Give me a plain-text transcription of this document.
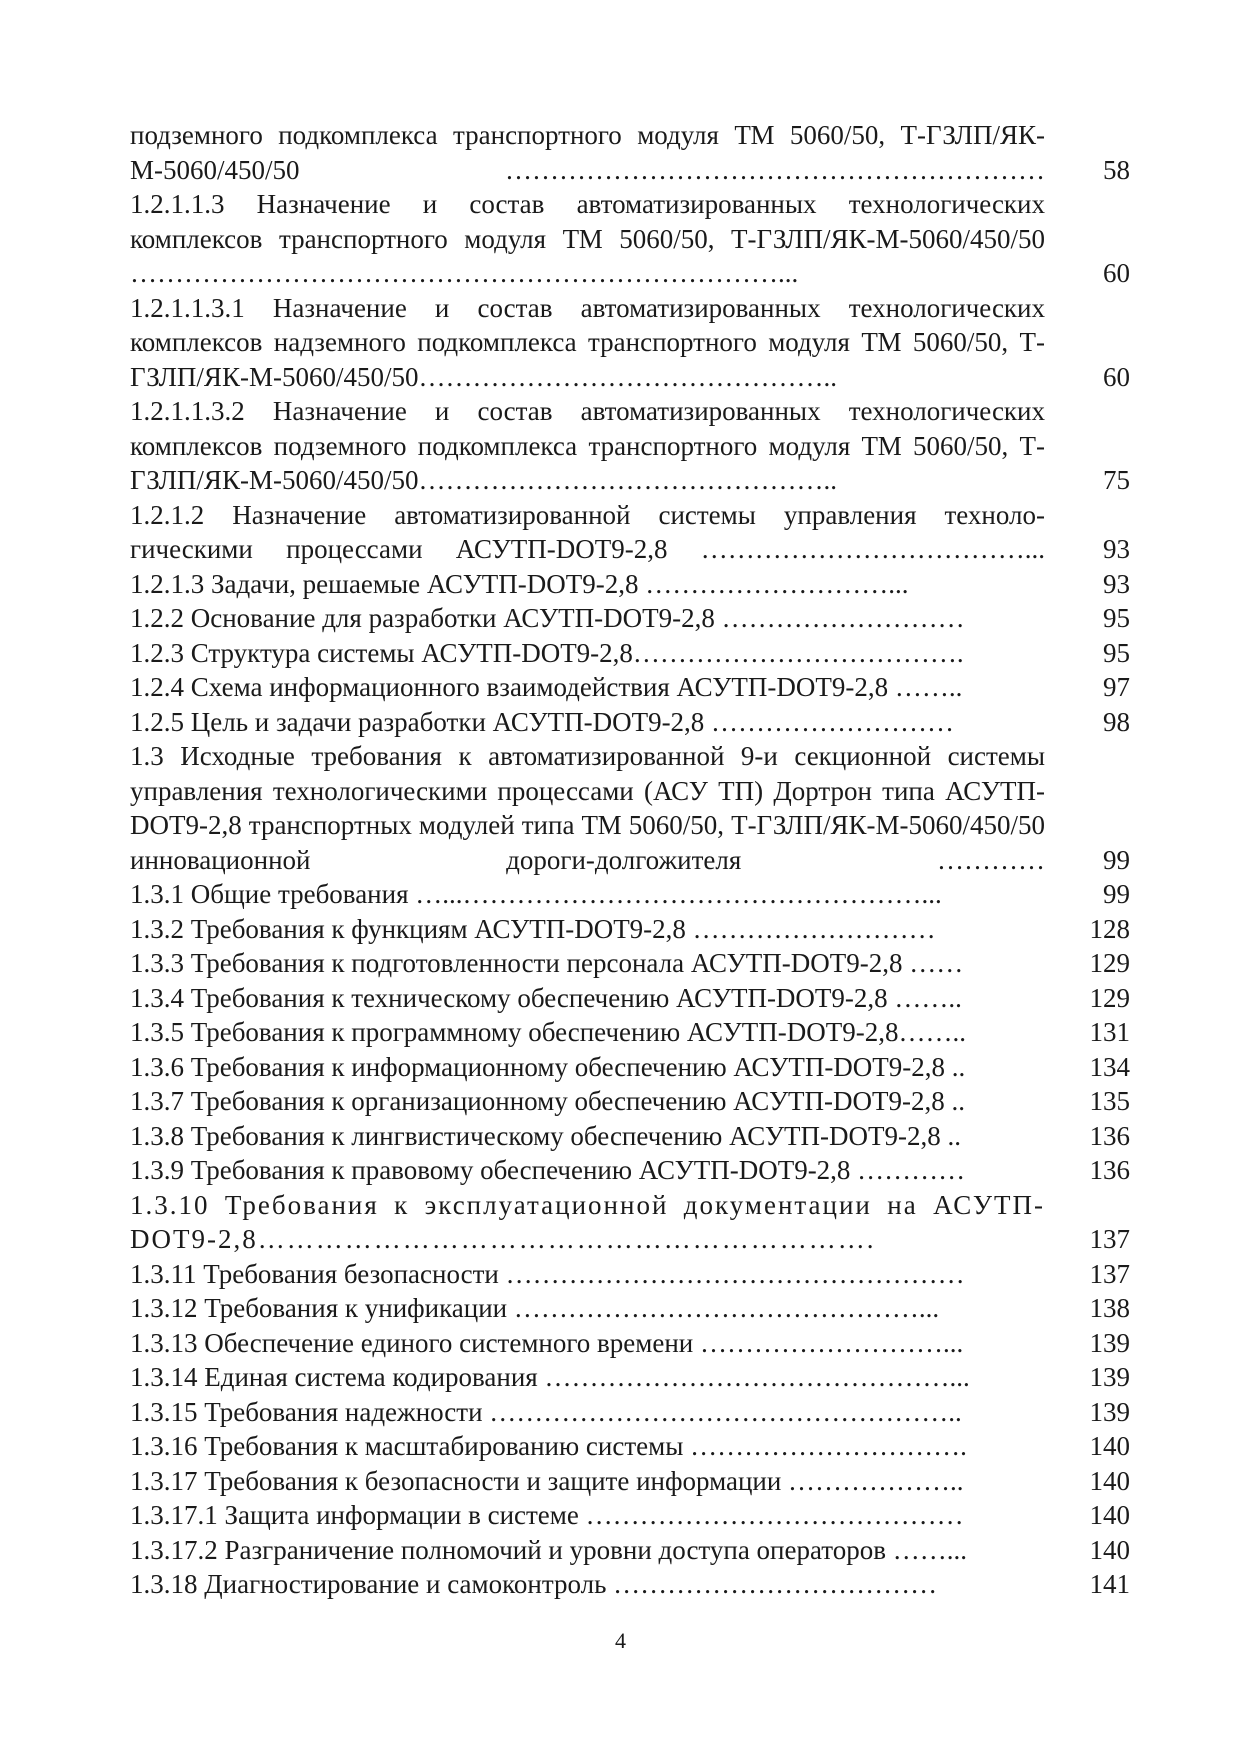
подземного подкомплекса транспортного модуля ТМ 5060/50, Т-ГЗЛП/ЯК-М-5060/450/50 ……………………………………………………	58
1.2.1.1.3 Назначение и состав автоматизированных технологических комплексов транспортного модуля ТМ 5060/50, Т-ГЗЛП/ЯК-М-5060/450/50 ………………………………………………………………...	60
1.2.1.1.3.1 Назначение и состав автоматизированных технологических комплексов надземного подкомплекса транспортного модуля ТМ 5060/50, Т-ГЗЛП/ЯК-М-5060/450/50………………………………………..	60
1.2.1.1.3.2 Назначение и состав автоматизированных технологических комплексов подземного подкомплекса транспортного модуля ТМ 5060/50, Т-ГЗЛП/ЯК-М-5060/450/50………………………………………..	75
1.2.1.2 Назначение автоматизированной системы управления техноло-гическими процессами АСУТП-DOT9-2,8 ………………………………...	93
1.2.1.3 Задачи, решаемые АСУТП-DOT9-2,8 ………………………...	93
1.2.2 Основание для разработки АСУТП-DOT9-2,8 ………………………	95
1.2.3 Структура системы АСУТП-DOT9-2,8……………………………….	95
1.2.4 Схема информационного взаимодействия АСУТП-DOT9-2,8 ……..	97
1.2.5 Цель и задачи разработки АСУТП-DOT9-2,8 ………………………	98
1.3 Исходные требования к автоматизированной 9-и секционной системы управления технологическими процессами (АСУ ТП) Дортрон типа АСУТП-DOT9-2,8 транспортных модулей типа ТМ 5060/50, Т-ГЗЛП/ЯК-М-5060/450/50 инновационной дороги-долгожителя …………	99
1.3.1 Общие требования …...……………………………………………...	99
1.3.2 Требования к функциям АСУТП-DOT9-2,8 ………………………	128
1.3.3 Требования к подготовленности персонала АСУТП-DOT9-2,8 ……	129
1.3.4 Требования к техническому обеспечению АСУТП-DOT9-2,8 ……..	129
1.3.5 Требования к программному обеспечению АСУТП-DOT9-2,8……..	131
1.3.6 Требования к информационному обеспечению АСУТП-DOT9-2,8 ..	134
1.3.7 Требования к организационному обеспечению АСУТП-DOT9-2,8 ..	135
1.3.8 Требования к лингвистическому обеспечению АСУТП-DOT9-2,8 ..	136
1.3.9 Требования к правовому обеспечению АСУТП-DOT9-2,8 …………	136
1.3.10 Требования к эксплуатационной документации на АСУТП-DOT9-2,8……………………………………………………….	137
1.3.11 Требования безопасности ……………………………………………	137
1.3.12 Требования к унификации ………………………………………...	138
1.3.13 Обеспечение единого системного времени ………………………...	139
1.3.14 Единая система кодирования ………………………………………...	139
1.3.15 Требования надежности ……………………………………………..	139
1.3.16 Требования к масштабированию системы ………………………….	140
1.3.17 Требования к безопасности и защите информации ………………..	140
1.3.17.1 Защита информации в системе ……………………………………	140
1.3.17.2 Разграничение полномочий и уровни доступа операторов ……...	140
1.3.18 Диагностирование и самоконтроль ………………………………	141
4
